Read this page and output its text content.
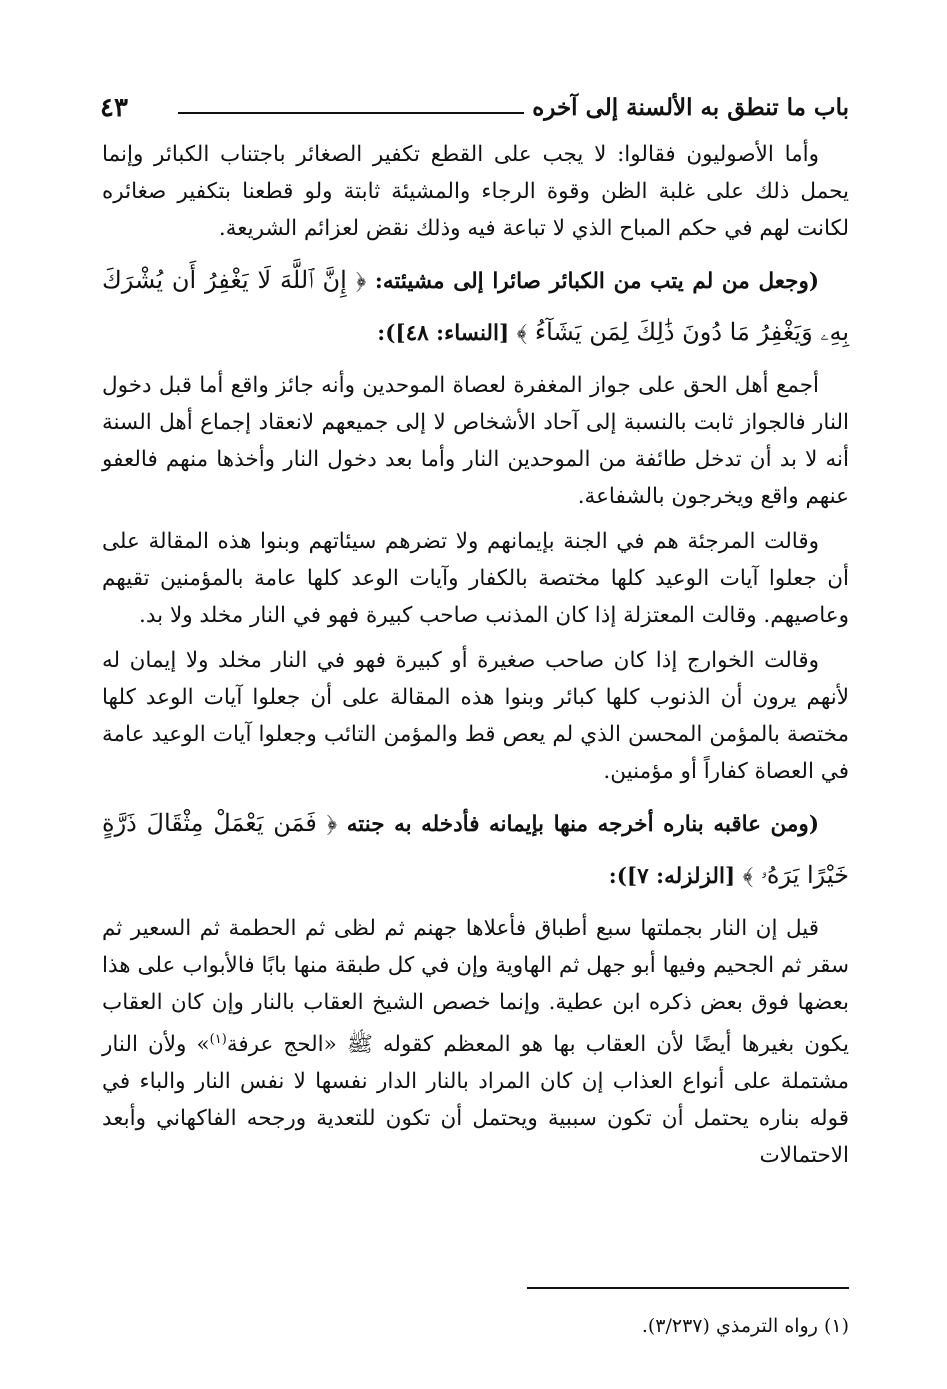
باب ما تنطق به الألسنة إلى آخره
٤٣

وأما الأصوليون فقالوا: لا يجب على القطع تكفير الصغائر باجتناب الكبائر وإنما يحمل ذلك على غلبة الظن وقوة الرجاء والمشيئة ثابتة ولو قطعنا بتكفير صغائره لكانت لهم في حكم المباح الذي لا تباعة فيه وذلك نقض لعزائم الشريعة.

(وجعل من لم يتب من الكبائر صائرا إلى مشيئته: ﴿ إِنَّ ٱللَّهَ لَا يَغْفِرُ أَن يُشْرَكَ بِهِۦ وَيَغْفِرُ مَا دُونَ ذَٰلِكَ لِمَن يَشَآءُ ﴾ [النساء: ٤٨]):

أجمع أهل الحق على جواز المغفرة لعصاة الموحدين وأنه جائز واقع أما قبل دخول النار فالجواز ثابت بالنسبة إلى آحاد الأشخاص لا إلى جميعهم لانعقاد إجماع أهل السنة أنه لا بد أن تدخل طائفة من الموحدين النار وأما بعد دخول النار وأخذها منهم فالعفو عنهم واقع ويخرجون بالشفاعة.

وقالت المرجئة هم في الجنة بإيمانهم ولا تضرهم سيئاتهم وبنوا هذه المقالة على أن جعلوا آيات الوعيد كلها مختصة بالكفار وآيات الوعد كلها عامة بالمؤمنين تقيهم وعاصيهم. وقالت المعتزلة إذا كان المذنب صاحب كبيرة فهو في النار مخلد ولا بد.

وقالت الخوارج إذا كان صاحب صغيرة أو كبيرة فهو في النار مخلد ولا إيمان له لأنهم يرون أن الذنوب كلها كبائر وبنوا هذه المقالة على أن جعلوا آيات الوعد كلها مختصة بالمؤمن المحسن الذي لم يعص قط والمؤمن التائب وجعلوا آيات الوعيد عامة في العصاة كفاراً أو مؤمنين.

(ومن عاقبه بناره أخرجه منها بإيمانه فأدخله به جنته ﴿ فَمَن يَعْمَلْ مِثْقَالَ ذَرَّةٍ خَيْرًا يَرَهُۥ ﴾ [الزلزله: ٧]):

قيل إن النار بجملتها سبع أطباق فأعلاها جهنم ثم لظى ثم الحطمة ثم السعير ثم سقر ثم الجحيم وفيها أبو جهل ثم الهاوية وإن في كل طبقة منها بابًا فالأبواب على هذا بعضها فوق بعض ذكره ابن عطية. وإنما خصص الشيخ العقاب بالنار وإن كان العقاب يكون بغيرها أيضًا لأن العقاب بها هو المعظم كقوله ﷺ «الحج عرفة$^{(١)}$» ولأن النار مشتملة على أنواع العذاب إن كان المراد بالنار الدار نفسها لا نفس النار والباء في قوله بناره يحتمل أن تكون سببية ويحتمل أن تكون للتعدية ورجحه الفاكهاني وأبعد الاحتمالات

(١) رواه الترمذي (٣/٢٣٧).
